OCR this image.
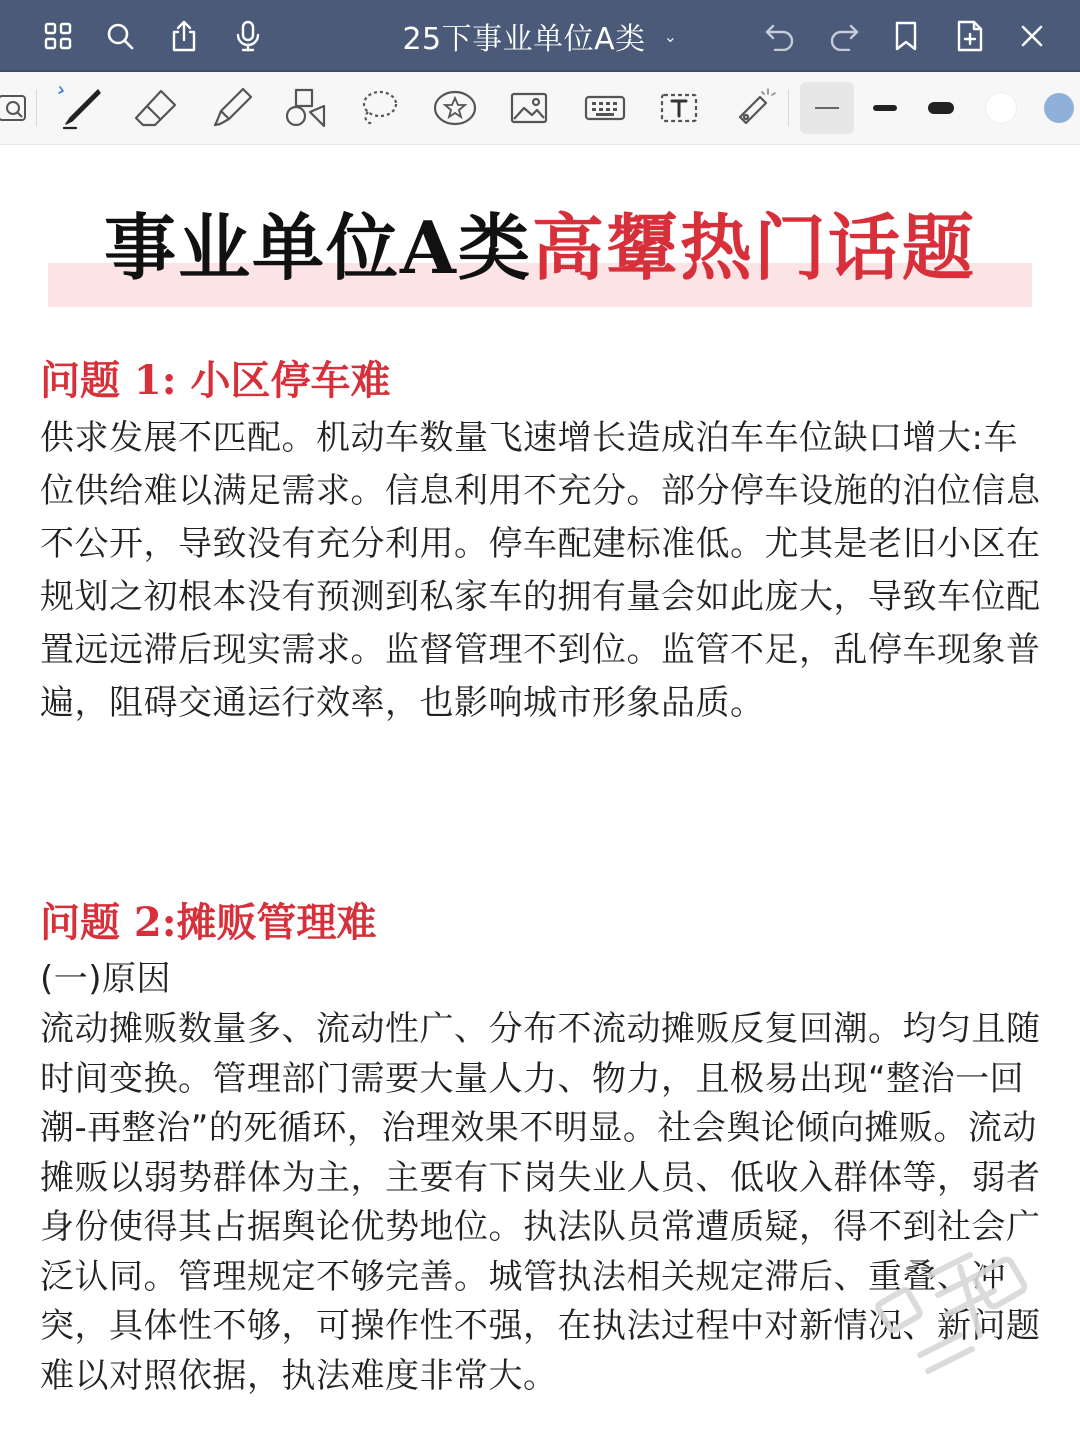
25下事业单位A类 ⌄
事业单位A类高顰热门话题
问题 1: 小区停车难
供求发展不匹配。机动车数量飞速增长造成泊车车位缺口增大:车位供给难以满足需求。信息利用不充分。部分停车设施的泊位信息不公开，导致没有充分利用。停车配建标准低。尤其是老旧小区在规划之初根本没有预测到私家车的拥有量会如此庞大，导致车位配置远远滞后现实需求。监督管理不到位。监管不足，乱停车现象普遍，阻碍交通运行效率，也影响城市形象品质。
问题 2:摊贩管理难
(一)原因
流动摊贩数量多、流动性广、分布不流动摊贩反复回潮。均匀且随时间变换。管理部门需要大量人力、物力，且极易出现“整治一回潮-再整治”的死循环，治理效果不明显。社会舆论倾向摊贩。流动摊贩以弱势群体为主，主要有下岗失业人员、低收入群体等，弱者身份使得其占据舆论优势地位。执法队员常遭质疑，得不到社会广泛认同。管理规定不够完善。城管执法相关规定滞后、重叠、冲突，具体性不够，可操作性不强，在执法过程中对新情况、新问题难以对照依据，执法难度非常大。
